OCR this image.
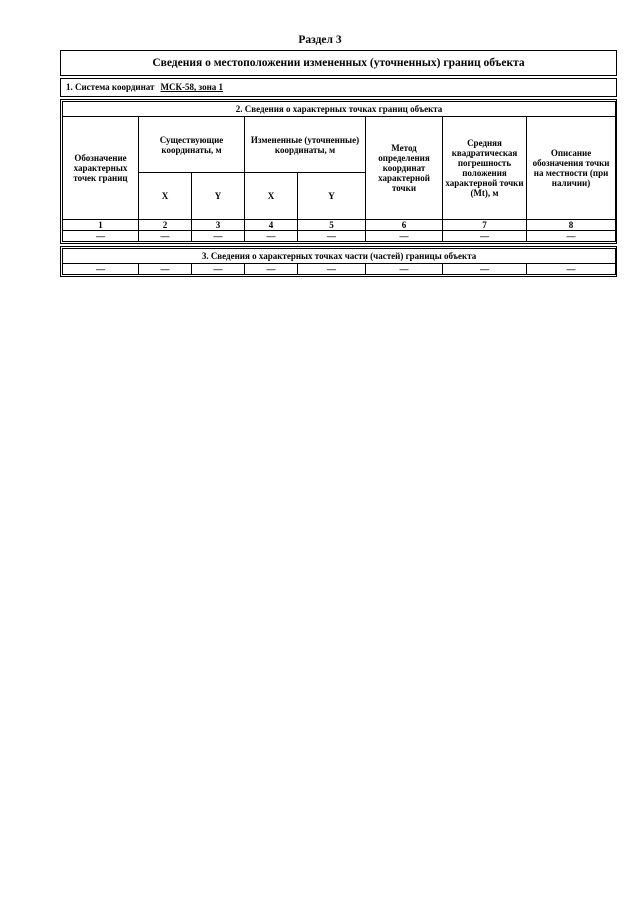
Раздел 3
Сведения о местоположении измененных (уточненных) границ объекта
1. Система координат МСК-58, зона 1
2. Сведения о характерных точках границ объекта							
Обозначение характерных точек границ	Существующие координаты, м		Измененные (уточненные) координаты, м		Метод определения координат характерной точки	Средняя квадратическая погрешность положения характерной точки (Mt), м	Описание обозначения точки на местности (при наличии)
	X	Y	X	Y			
1	2	3	4	5	6	7	8
—	—	—	—	—	—	—	—
3. Сведения о характерных точках части (частей) границы объекта
—	—	—	—	—	—	—	—
